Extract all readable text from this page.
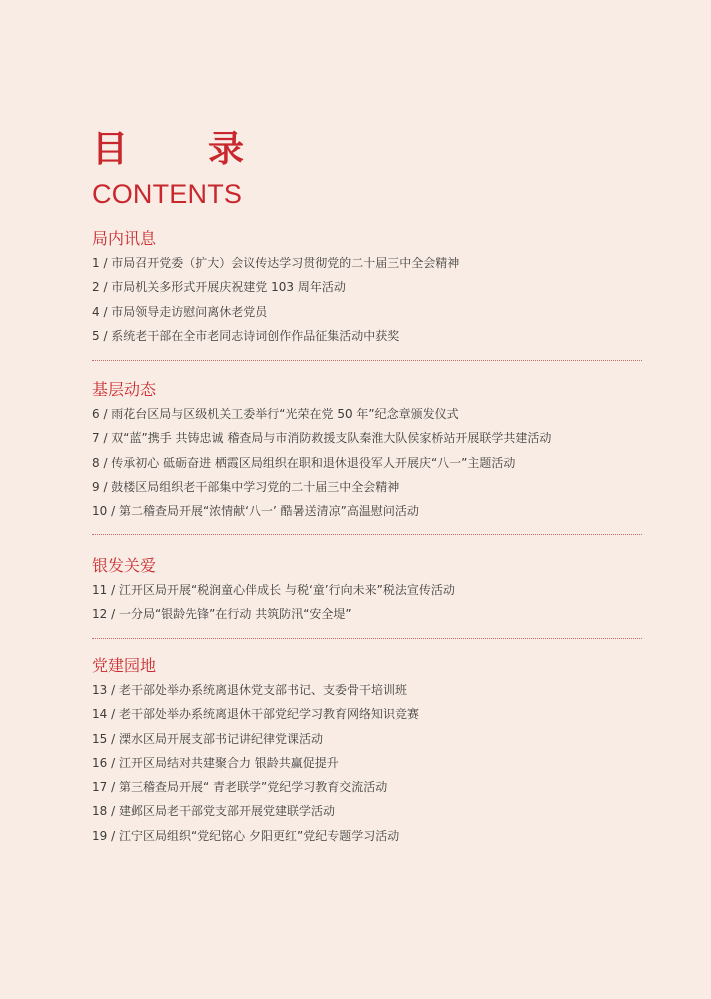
目 录
CONTENTS
局内讯息
1 / 市局召开党委（扩大）会议传达学习贯彻党的二十届三中全会精神
2 / 市局机关多形式开展庆祝建党 103 周年活动
4 / 市局领导走访慰问离休老党员
5 / 系统老干部在全市老同志诗词创作作品征集活动中获奖
基层动态
6 / 雨花台区局与区级机关工委举行“光荣在党 50 年”纪念章颁发仪式
7 / 双“蓝”携手 共铸忠诚 稽查局与市消防救援支队秦淮大队侯家桥站开展联学共建活动
8 / 传承初心 砥砺奋进 栖霞区局组织在职和退休退役军人开展庆“八一”主题活动
9 / 鼓楼区局组织老干部集中学习党的二十届三中全会精神
10 / 第二稽查局开展“浓情献‘八一’ 酷暑送清凉”高温慰问活动
银发关爱
11 / 江开区局开展“税润童心伴成长 与税‘童’行向未来”税法宣传活动
12 / 一分局“银龄先锋”在行动 共筑防汛“安全堤”
党建园地
13 / 老干部处举办系统离退休党支部书记、支委骨干培训班
14 / 老干部处举办系统离退休干部党纪学习教育网络知识竞赛
15 / 溧水区局开展支部书记讲纪律党课活动
16 / 江开区局结对共建聚合力 银龄共赢促提升
17 / 第三稽查局开展“ 青老联学”党纪学习教育交流活动
18 / 建邺区局老干部党支部开展党建联学活动
19 / 江宁区局组织“党纪铭心 夕阳更红”党纪专题学习活动
